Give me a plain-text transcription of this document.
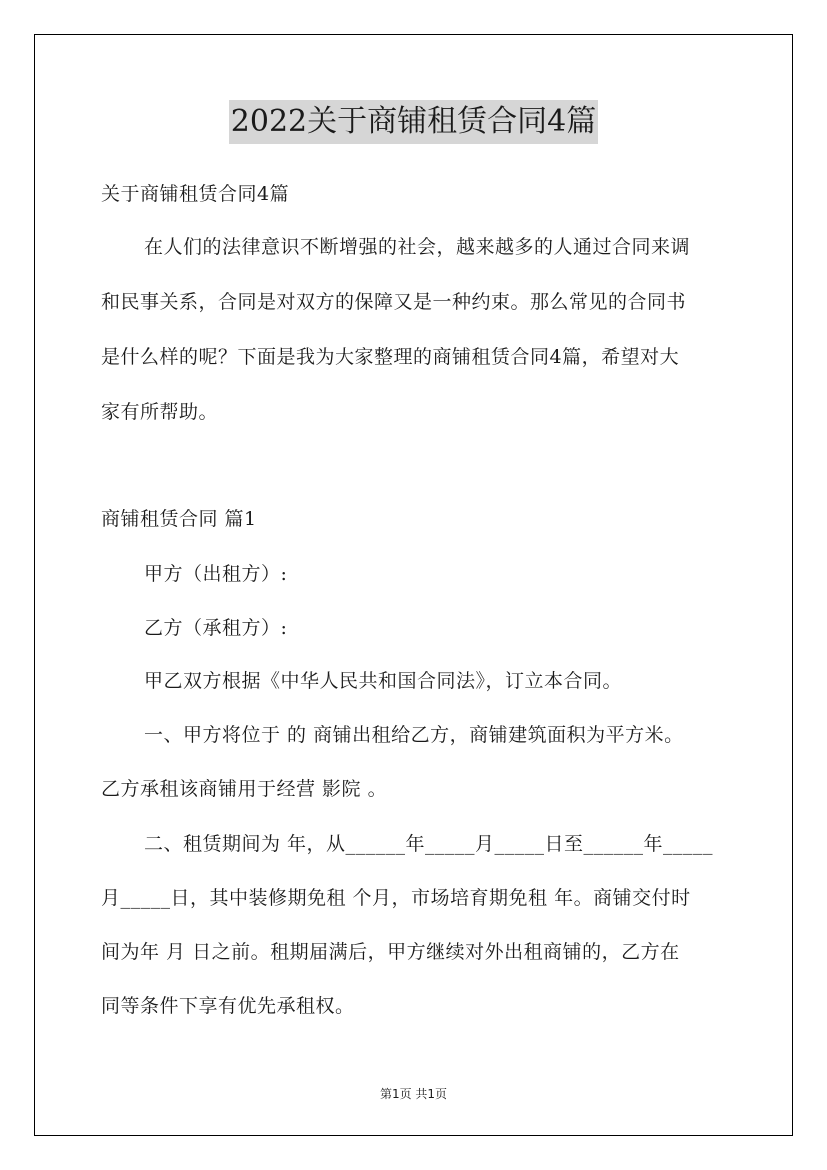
2022关于商铺租赁合同4篇
关于商铺租赁合同4篇
在人们的法律意识不断增强的社会，越来越多的人通过合同来调
和民事关系，合同是对双方的保障又是一种约束。那么常见的合同书
是什么样的呢？下面是我为大家整理的商铺租赁合同4篇，希望对大
家有所帮助。
商铺租赁合同 篇1
甲方（出租方）:
乙方（承租方）:
甲乙双方根据《中华人民共和国合同法》，订立本合同。
一、甲方将位于 的 商铺出租给乙方，商铺建筑面积为平方米。
乙方承租该商铺用于经营 影院 。
二、租赁期间为 年，从______年_____月_____日至______年_____
月_____日，其中装修期免租 个月，市场培育期免租 年。商铺交付时
间为年 月 日之前。租期届满后，甲方继续对外出租商铺的，乙方在
同等条件下享有优先承租权。
第1页 共1页
